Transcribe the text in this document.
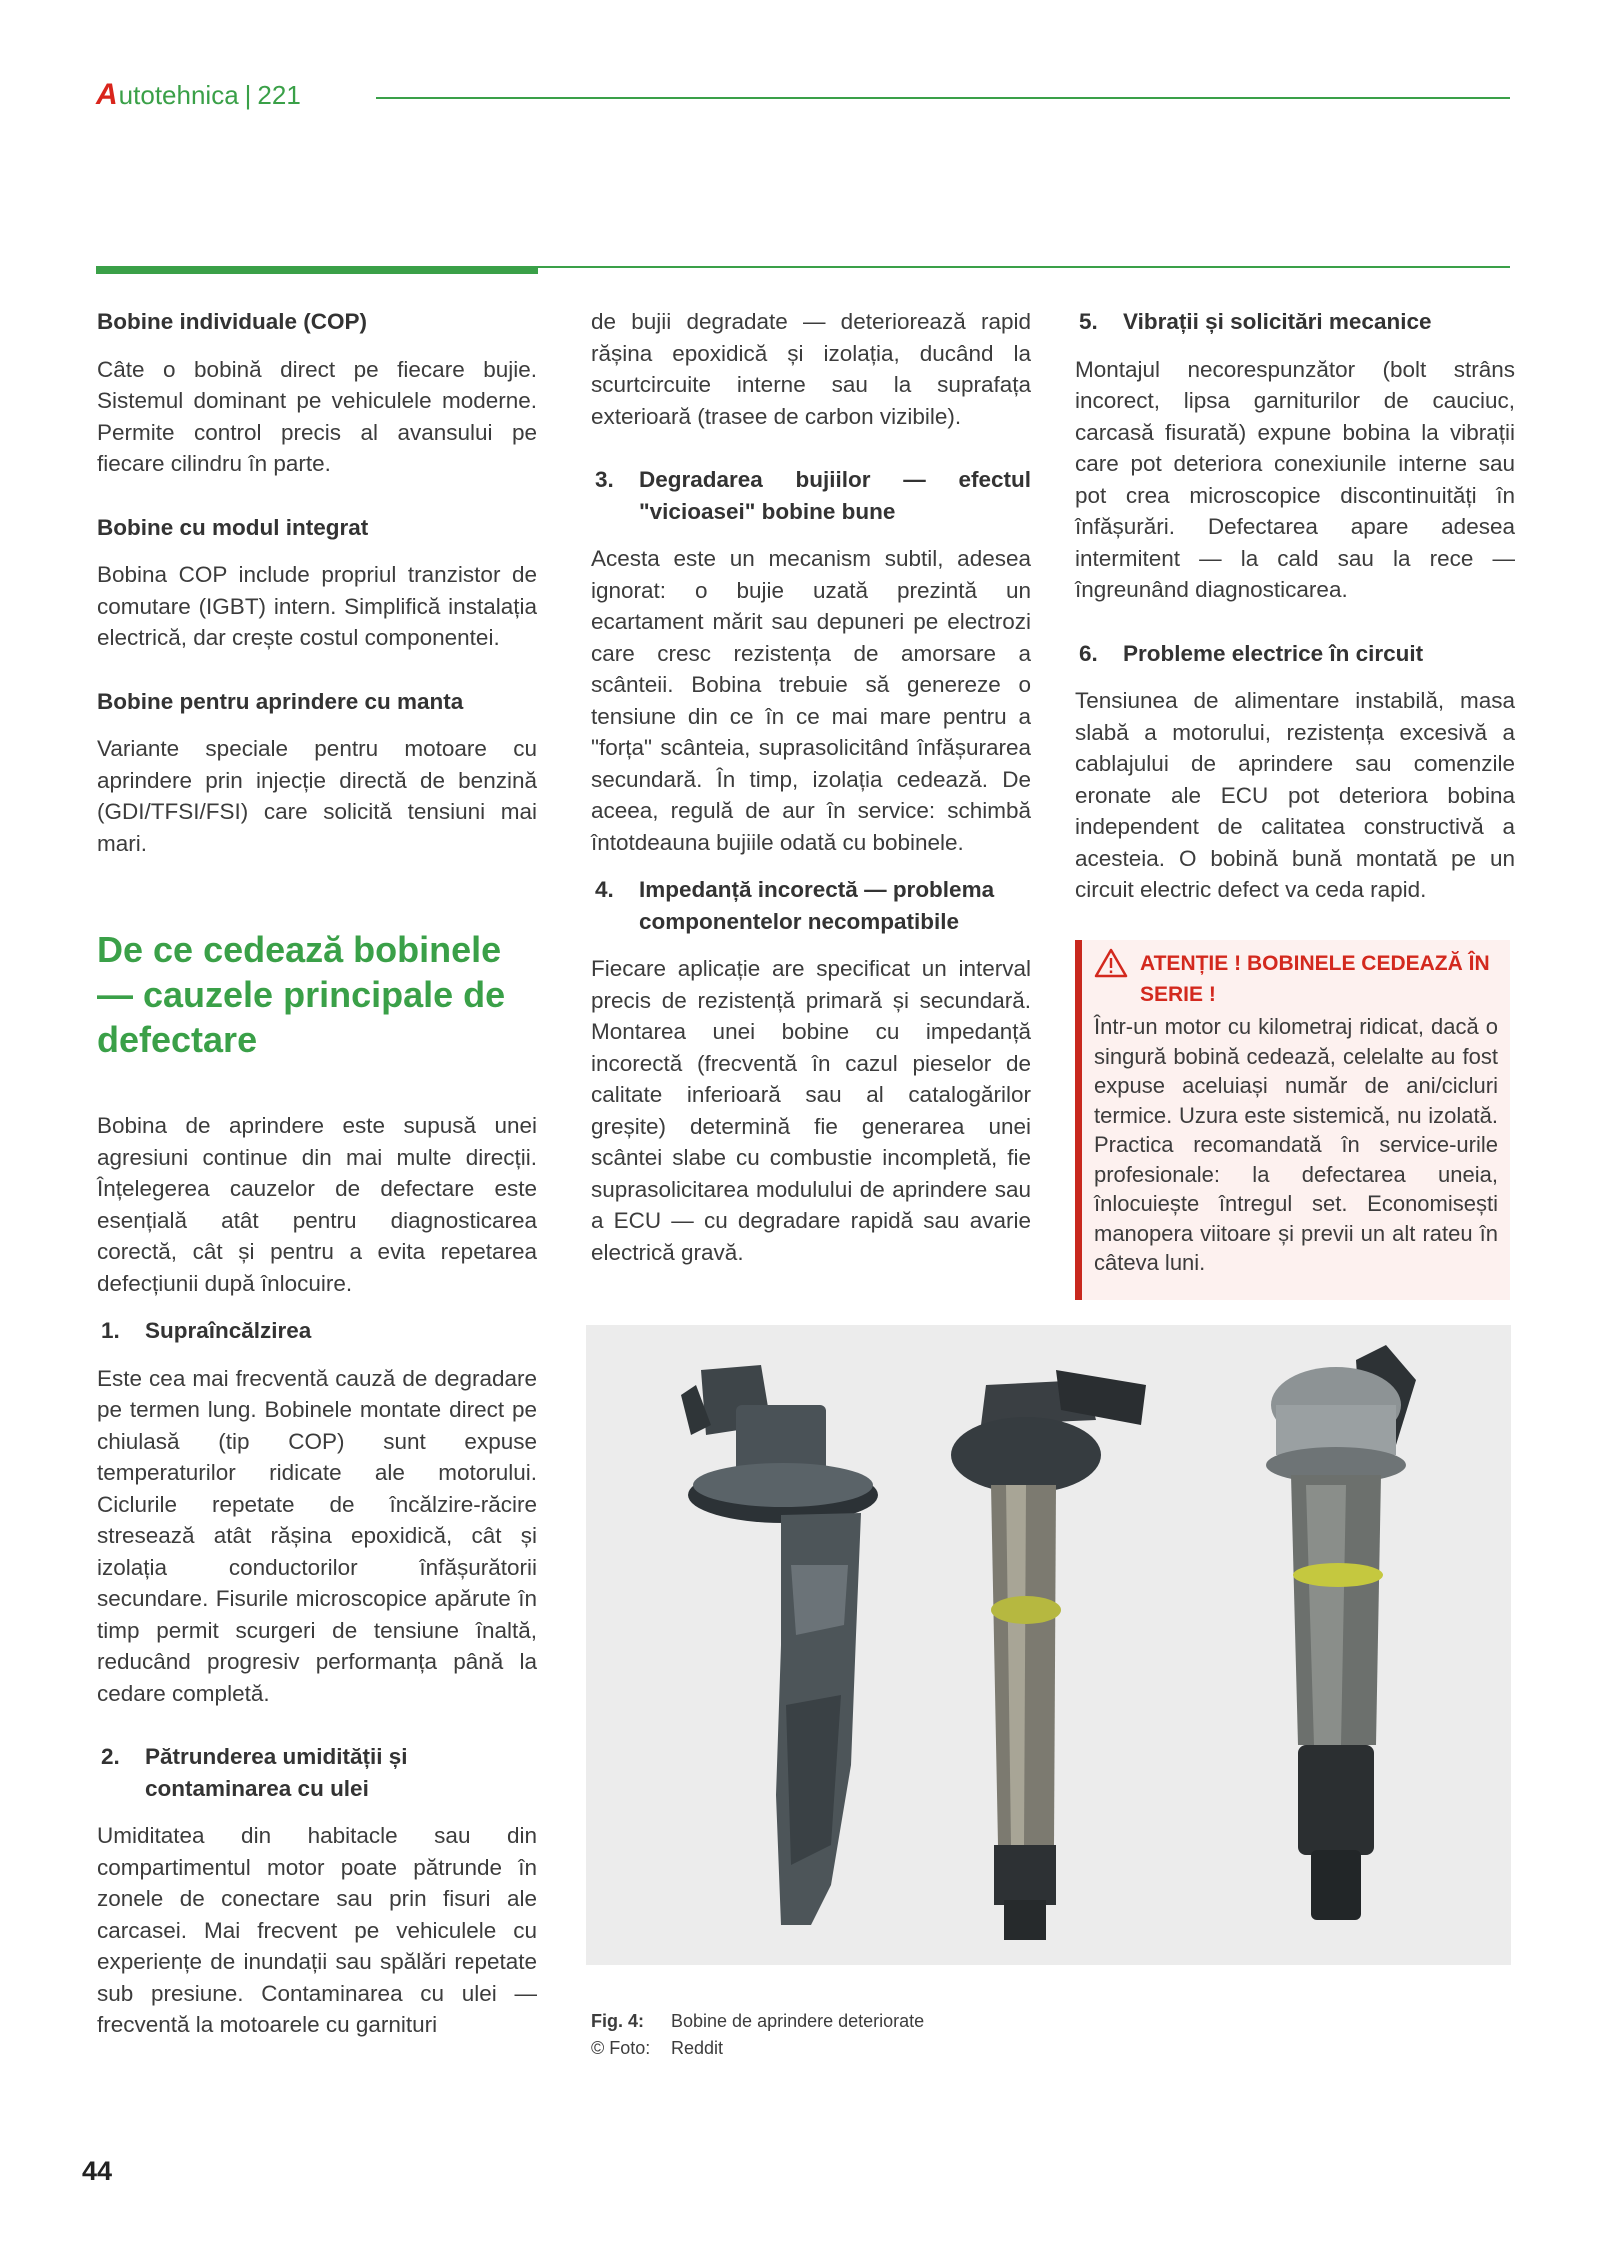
A utotehnica | 221
Bobine individuale (COP)

Câte o bobină direct pe fiecare bujie. Sistemul dominant pe vehiculele moderne. Permite control precis al avansului pe fiecare cilindru în parte.

Bobine cu modul integrat

Bobina COP include propriul tranzistor de comutare (IGBT) intern. Simplifică instalația electrică, dar crește costul componentei.

Bobine pentru aprindere cu manta

Variante speciale pentru motoare cu aprindere prin injecție directă de benzină (GDI/TFSI/FSI) care solicită tensiuni mai mari.

De ce cedează bobinele — cauzele principale de defectare

Bobina de aprindere este supusă unei agresiuni continue din mai multe direcții. Înțelegerea cauzelor de defectare este esențială atât pentru diagnosticarea corectă, cât și pentru a evita repetarea defecțiunii după înlocuire.

1.	Supraîncălzirea

Este cea mai frecventă cauză de degradare pe termen lung. Bobinele montate direct pe chiulasă (tip COP) sunt expuse temperaturilor ridicate ale motorului. Ciclurile repetate de încălzire-răcire stresează atât rășina epoxidică, cât și izolația conductorilor înfășurătorii secundare. Fisurile microscopice apărute în timp permit scurgeri de tensiune înaltă, reducând progresiv performanța până la cedare completă.

2.	Pătrunderea umidității și contaminarea cu ulei

Umiditatea din habitacle sau din compartimentul motor poate pătrunde în zonele de conectare sau prin fisuri ale carcasei. Mai frecvent pe vehiculele cu experiențe de inundații sau spălări repetate sub presiune. Contaminarea cu ulei — frecventă la motoarele cu garnituri

de bujii degradate — deteriorează rapid rășina epoxidică și izolația, ducând la scurtcircuite interne sau la suprafața exterioară (trasee de carbon vizibile).

3.	Degradarea bujiilor — efectul "vicioasei" bobine bune

Acesta este un mecanism subtil, adesea ignorat: o bujie uzată prezintă un ecartament mărit sau depuneri pe electrozi care cresc rezistența de amorsare a scânteii. Bobina trebuie să genereze o tensiune din ce în ce mai mare pentru a "forța" scânteia, suprasolicitând înfășurarea secundară. În timp, izolația cedează. De aceea, regulă de aur în service: schimbă întotdeauna bujiile odată cu bobinele.

4.	Impedanță incorectă — problema componentelor necompatibile

Fiecare aplicație are specificat un interval precis de rezistență primară și secundară. Montarea unei bobine cu impedanță incorectă (frecventă în cazul pieselor de calitate inferioară sau al catalogărilor greșite) determină fie generarea unei scântei slabe cu combustie incompletă, fie suprasolicitarea modulului de aprindere sau a ECU — cu degradare rapidă sau avarie electrică gravă.

5.	Vibrații și solicitări mecanice

Montajul necorespunzător (bolt strâns incorect, lipsa garniturilor de cauciuc, carcasă fisurată) expune bobina la vibrații care pot deteriora conexiunile interne sau pot crea microscopice discontinuități în înfășurări. Defectarea apare adesea intermitent — la cald sau la rece — îngreunând diagnosticarea.

6.	Probleme electrice în circuit

Tensiunea de alimentare instabilă, masa slabă a motorului, rezistența excesivă a cablajului de aprindere sau comenzile eronate ale ECU pot deteriora bobina independent de calitatea constructivă a acesteia. O bobină bună montată pe un circuit electric defect va ceda rapid.

ATENȚIE ! BOBINELE CEDEAZĂ ÎN SERIE !
Într-un motor cu kilometraj ridicat, dacă o singură bobină cedează, celelalte au fost expuse aceluiași număr de ani/cicluri termice. Uzura este sistemică, nu izolată. Practica recomandată în service-urile profesionale: la defectarea uneia, înlocuiește întregul set. Economisești manopera viitoare și previi un alt rateu în câteva luni.
Fig. 4: Bobine de aprindere deteriorate
© Foto: Reddit
44
